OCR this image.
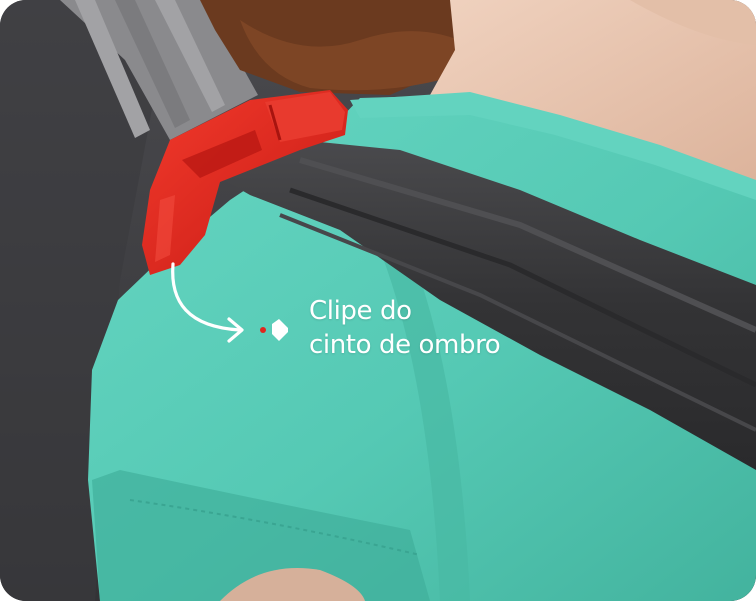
Clipe do
cinto de ombro
